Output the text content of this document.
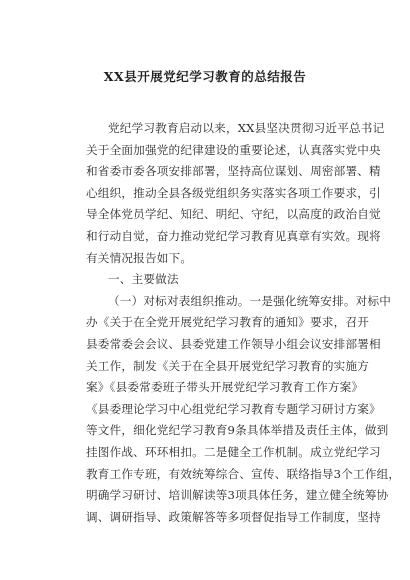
XX县开展党纪学习教育的总结报告
党纪学习教育启动以来，XX县坚决贯彻习近平总书记
关于全面加强党的纪律建设的重要论述，认真落实党中央
和省委市委各项安排部署，坚持高位谋划、周密部署、精
心组织，推动全县各级党组织务实落实各项工作要求，引
导全体党员学纪、知纪、明纪、守纪，以高度的政治自觉
和行动自觉，奋力推动党纪学习教育见真章有实效。现将
有关情况报告如下。
一、主要做法
（一）对标对表组织推动。一是强化统筹安排。对标中
办《关于在全党开展党纪学习教育的通知》要求，召开
县委常委会会议、县委党建工作领导小组会议安排部署相
关工作，制发《关于在全县开展党纪学习教育的实施方
案》《县委常委班子带头开展党纪学习教育工作方案》
《县委理论学习中心组党纪学习教育专题学习研讨方案》
等文件，细化党纪学习教育9条具体举措及责任主体，做到
挂图作战、环环相扣。二是健全工作机制。成立党纪学习
教育工作专班，有效统筹综合、宣传、联络指导3个工作组，
明确学习研讨、培训解读等3项具体任务，建立健全统筹协
调、调研指导、政策解答等多项督促指导工作制度，坚持
